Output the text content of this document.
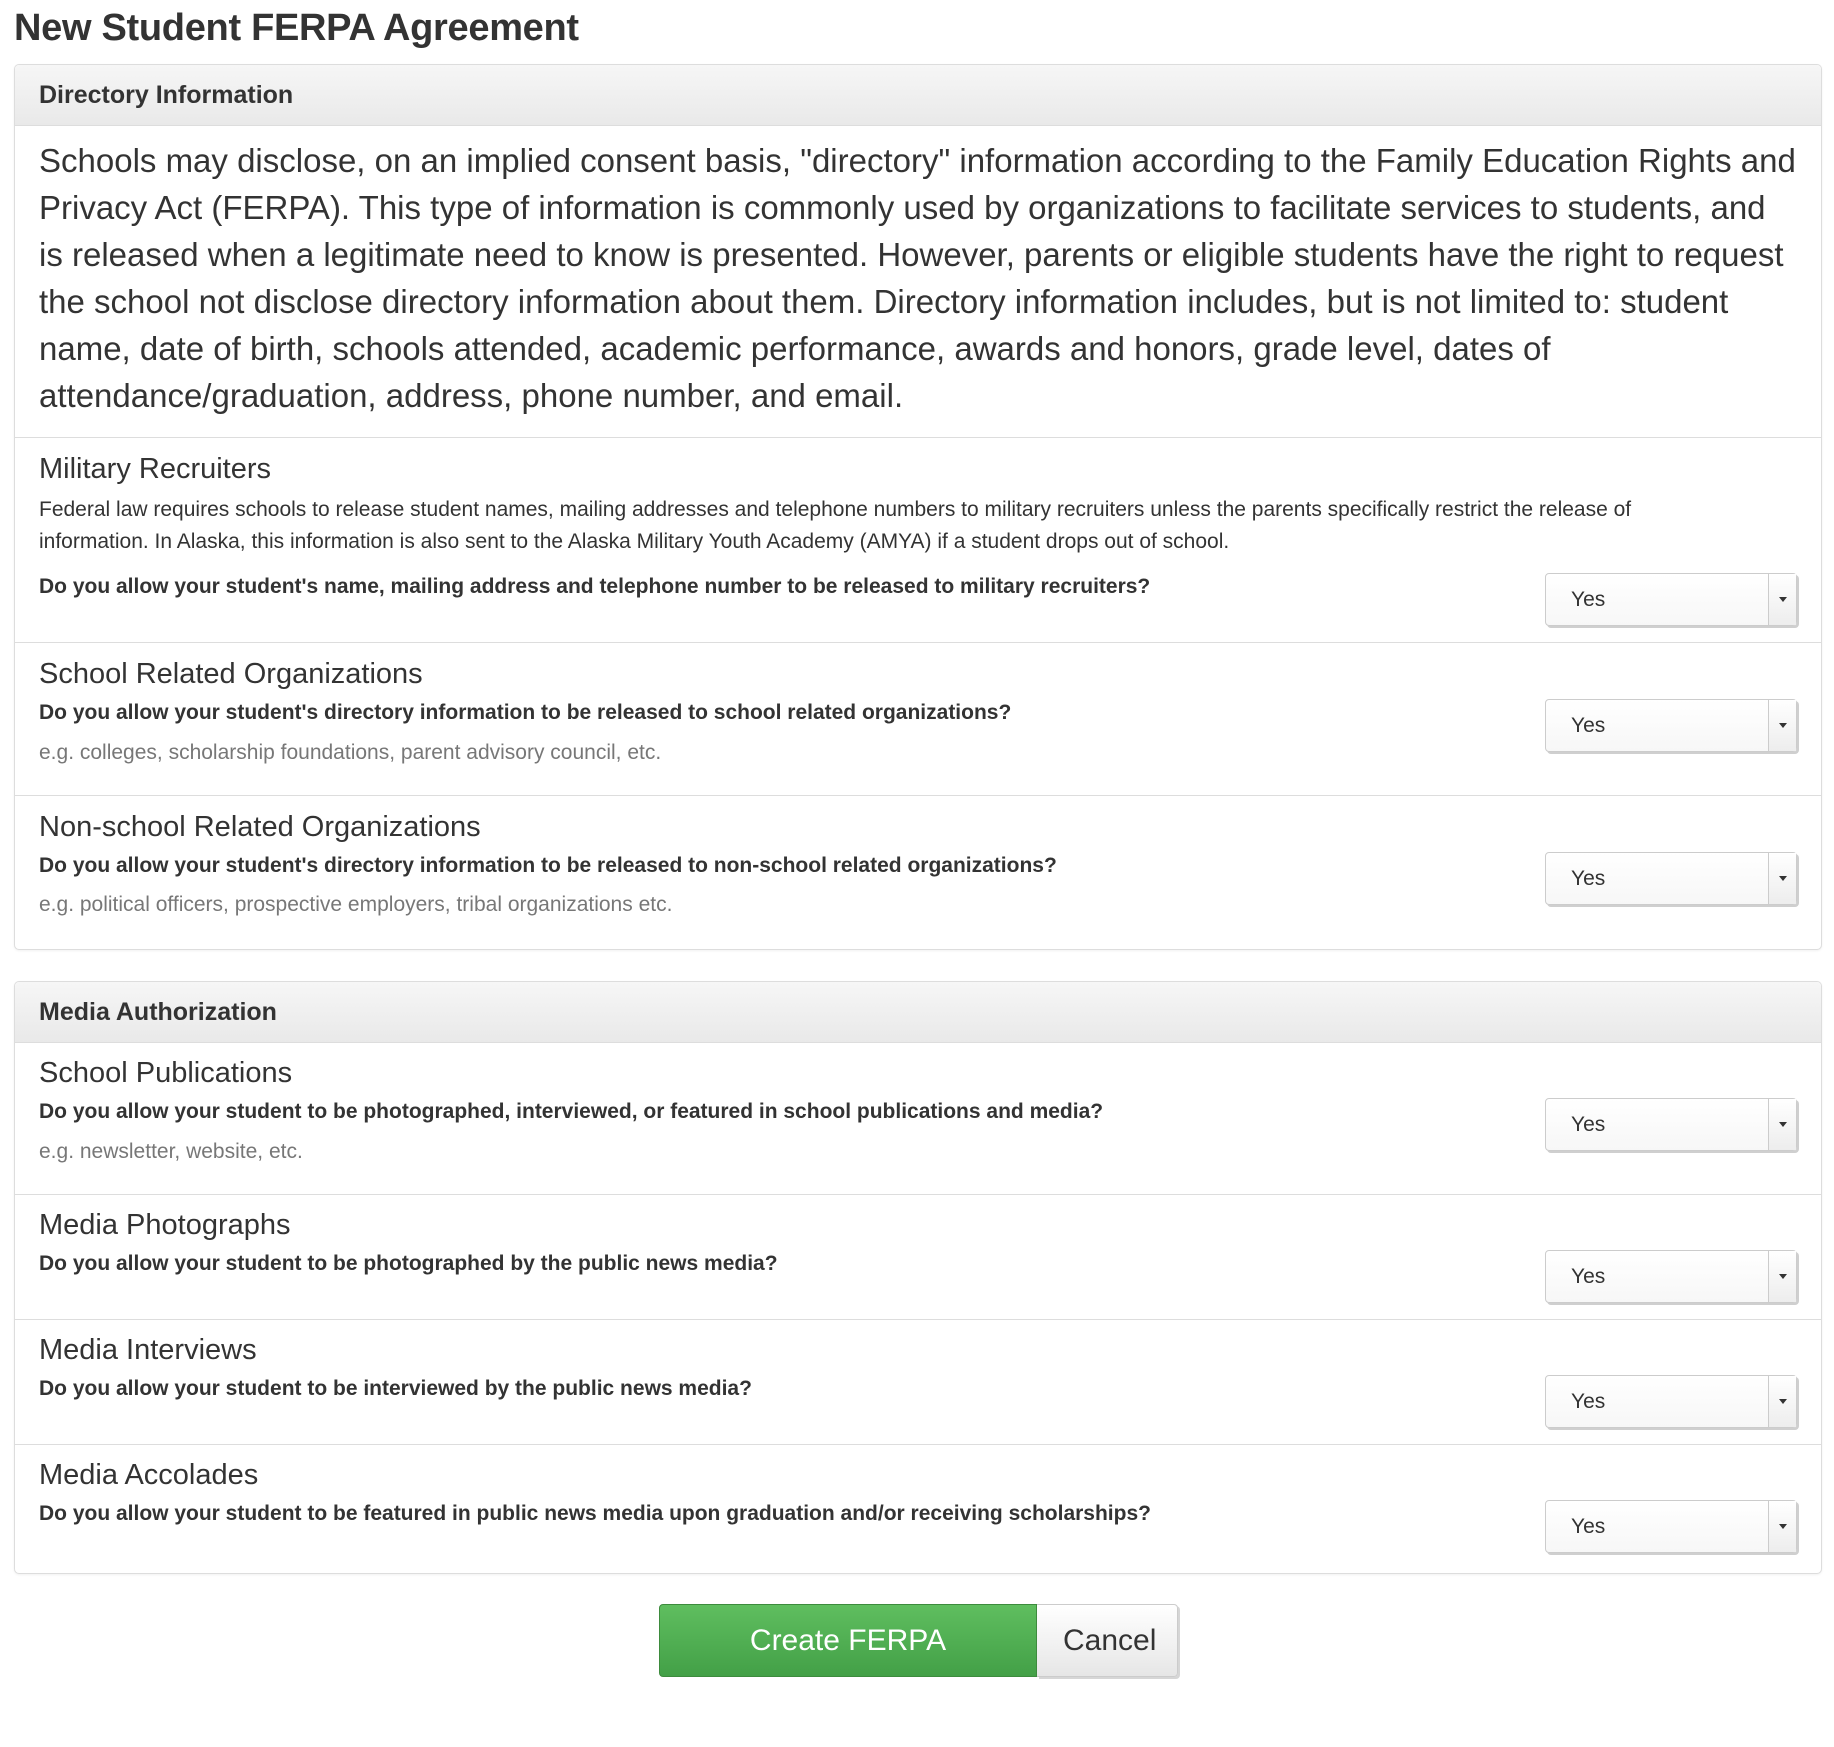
New Student FERPA Agreement
Directory Information
Schools may disclose, on an implied consent basis, "directory" information according to the Family Education Rights and Privacy Act (FERPA). This type of information is commonly used by organizations to facilitate services to students, and is released when a legitimate need to know is presented. However, parents or eligible students have the right to request the school not disclose directory information about them. Directory information includes, but is not limited to: student name, date of birth, schools attended, academic performance, awards and honors, grade level, dates of attendance/graduation, address, phone number, and email.
Military Recruiters
Federal law requires schools to release student names, mailing addresses and telephone numbers to military recruiters unless the parents specifically restrict the release of information. In Alaska, this information is also sent to the Alaska Military Youth Academy (AMYA) if a student drops out of school.
Do you allow your student's name, mailing address and telephone number to be released to military recruiters?
Yes
School Related Organizations
Do you allow your student's directory information to be released to school related organizations?
e.g. colleges, scholarship foundations, parent advisory council, etc.
Yes
Non-school Related Organizations
Do you allow your student's directory information to be released to non-school related organizations?
e.g. political officers, prospective employers, tribal organizations etc.
Yes
Media Authorization
School Publications
Do you allow your student to be photographed, interviewed, or featured in school publications and media?
e.g. newsletter, website, etc.
Yes
Media Photographs
Do you allow your student to be photographed by the public news media?
Yes
Media Interviews
Do you allow your student to be interviewed by the public news media?
Yes
Media Accolades
Do you allow your student to be featured in public news media upon graduation and/or receiving scholarships?
Yes
Create FERPA agreement
Cancel
